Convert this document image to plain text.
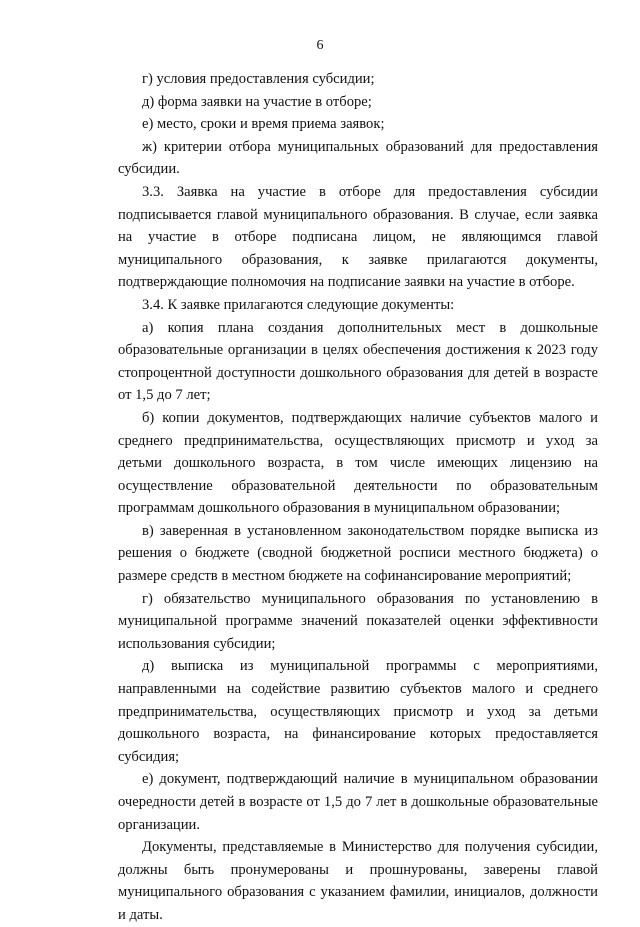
6

г) условия предоставления субсидии;

д) форма заявки на участие в отборе;

е) место, сроки и время приема заявок;

ж) критерии отбора муниципальных образований для предоставления субсидии.

3.3. Заявка на участие в отборе для предоставления субсидии подписывается главой муниципального образования. В случае, если заявка на участие в отборе подписана лицом, не являющимся главой муниципального образования, к заявке прилагаются документы, подтверждающие полномочия на подписание заявки на участие в отборе.

3.4. К заявке прилагаются следующие документы:

а) копия плана создания дополнительных мест в дошкольные образовательные организации в целях обеспечения достижения к 2023 году стопроцентной доступности дошкольного образования для детей в возрасте от 1,5 до 7 лет;

б) копии документов, подтверждающих наличие субъектов малого и среднего предпринимательства, осуществляющих присмотр и уход за детьми дошкольного возраста, в том числе имеющих лицензию на осуществление образовательной деятельности по образовательным программам дошкольного образования в муниципальном образовании;

в) заверенная в установленном законодательством порядке выписка из решения о бюджете (сводной бюджетной росписи местного бюджета) о размере средств в местном бюджете на софинансирование мероприятий;

г) обязательство муниципального образования по установлению в муниципальной программе значений показателей оценки эффективности использования субсидии;

д) выписка из муниципальной программы с мероприятиями, направленными на содействие развитию субъектов малого и среднего предпринимательства, осуществляющих присмотр и уход за детьми дошкольного возраста, на финансирование которых предоставляется субсидия;

е) документ, подтверждающий наличие в муниципальном образовании очередности детей в возрасте от 1,5 до 7 лет в дошкольные образовательные организации.

Документы, представляемые в Министерство для получения субсидии, должны быть пронумерованы и прошнурованы, заверены главой муниципального образования с указанием фамилии, инициалов, должности и даты.
